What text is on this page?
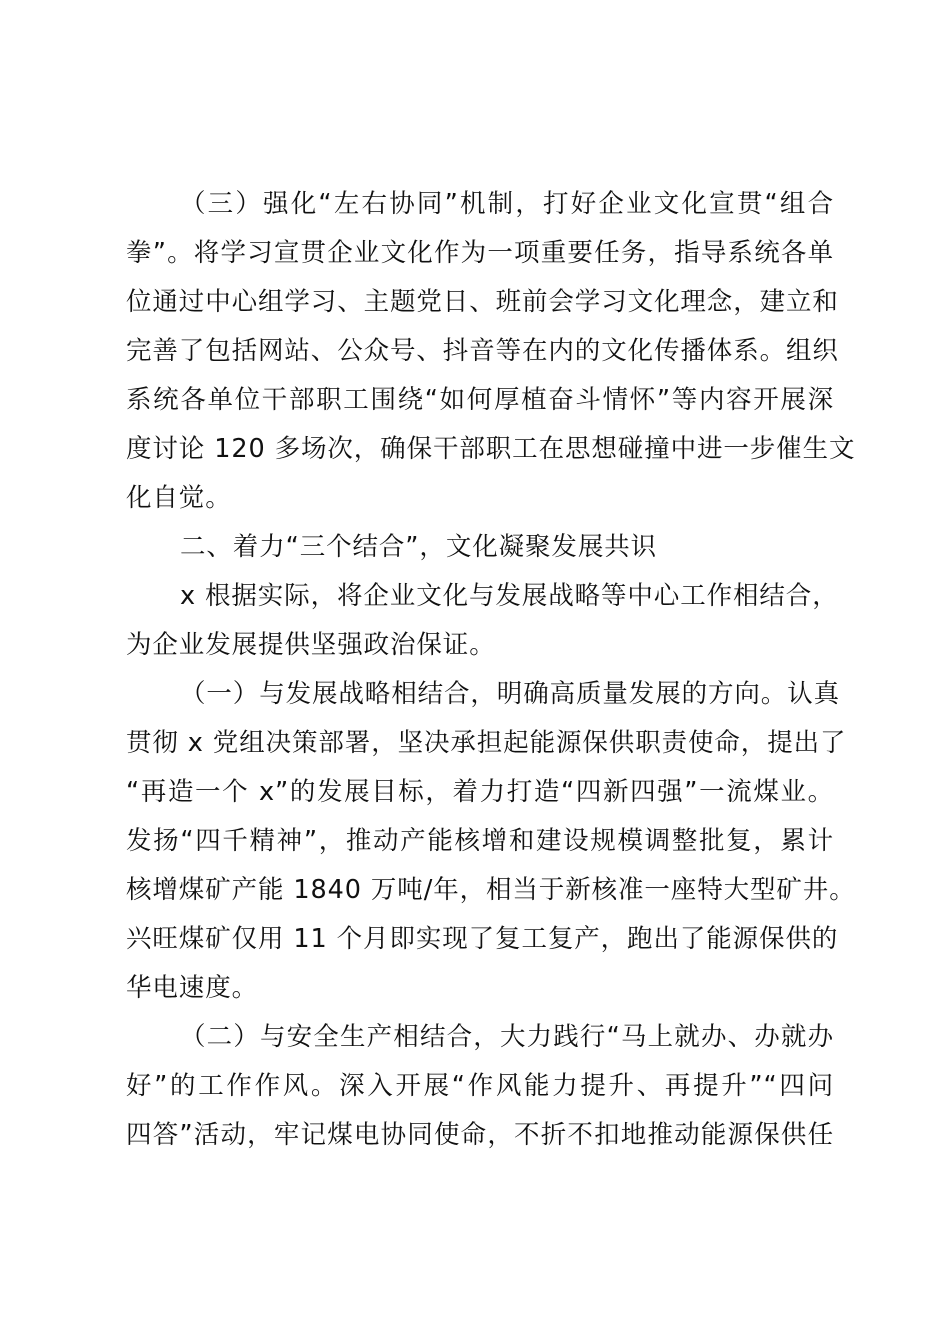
（三）强化“左右协同”机制，打好企业文化宣贯“组合
拳”。将学习宣贯企业文化作为一项重要任务，指导系统各单
位通过中心组学习、主题党日、班前会学习文化理念，建立和
完善了包括网站、公众号、抖音等在内的文化传播体系。组织
系统各单位干部职工围绕“如何厚植奋斗情怀”等内容开展深
度讨论 120 多场次，确保干部职工在思想碰撞中进一步催生文
化自觉。
二、着力“三个结合”，文化凝聚发展共识
x 根据实际，将企业文化与发展战略等中心工作相结合，
为企业发展提供坚强政治保证。
（一）与发展战略相结合，明确高质量发展的方向。认真
贯彻 x 党组决策部署，坚决承担起能源保供职责使命，提出了
“再造一个 x”的发展目标，着力打造“四新四强”一流煤业。
发扬“四千精神”，推动产能核增和建设规模调整批复，累计
核增煤矿产能 1840 万吨/年，相当于新核准一座特大型矿井。
兴旺煤矿仅用 11 个月即实现了复工复产，跑出了能源保供的
华电速度。
（二）与安全生产相结合，大力践行“马上就办、办就办
好”的工作作风。深入开展“作风能力提升、再提升”“四问
四答”活动，牢记煤电协同使命，不折不扣地推动能源保供任
